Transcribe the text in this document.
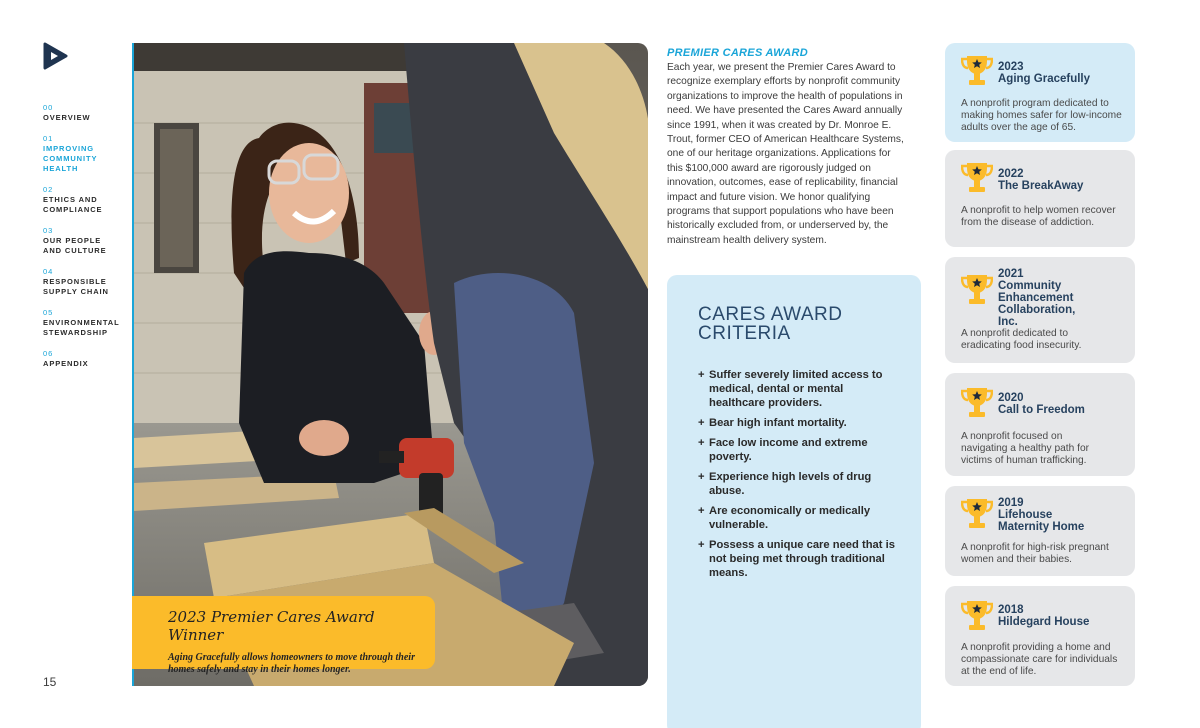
00
OVERVIEW
01
IMPROVING
COMMUNITY
HEALTH
02
ETHICS AND
COMPLIANCE
03
OUR PEOPLE
AND CULTURE
04
RESPONSIBLE
SUPPLY CHAIN
05
ENVIRONMENTAL
STEWARDSHIP
06
APPENDIX
15
2023 Premier Cares Award Winner
Aging Gracefully allows homeowners to move through their homes safely and stay in their homes longer.
PREMIER CARES AWARD

Each year, we present the Premier Cares Award to recognize exemplary efforts by nonprofit community organizations to improve the health of populations in need. We have presented the Cares Award annually since 1991, when it was created by Dr. Monroe E. Trout, former CEO of American Healthcare Systems, one of our heritage organizations. Applications for this $100,000 award are rigorously judged on innovation, outcomes, ease of replicability, financial impact and future vision. We honor qualifying programs that support populations who have been historically excluded from, or underserved by, the mainstream health delivery system.

CARES AWARD CRITERIA
+ Suffer severely limited access to medical, dental or mental healthcare providers.
+ Bear high infant mortality.
+ Face low income and extreme poverty.
+ Experience high levels of drug abuse.
+ Are economically or medically vulnerable.
+ Possess a unique care need that is not being met through traditional means.
2023
Aging Gracefully
A nonprofit program dedicated to making homes safer for low-income adults over the age of 65.
2022
The BreakAway
A nonprofit to help women recover from the disease of addiction.
2021
Community Enhancement Collaboration, Inc.
A nonprofit dedicated to eradicating food insecurity.
2020
Call to Freedom
A nonprofit focused on navigating a healthy path for victims of human trafficking.
2019
Lifehouse Maternity Home
A nonprofit for high-risk pregnant women and their babies.
2018
Hildegard House
A nonprofit providing a home and compassionate care for individuals at the end of life.
